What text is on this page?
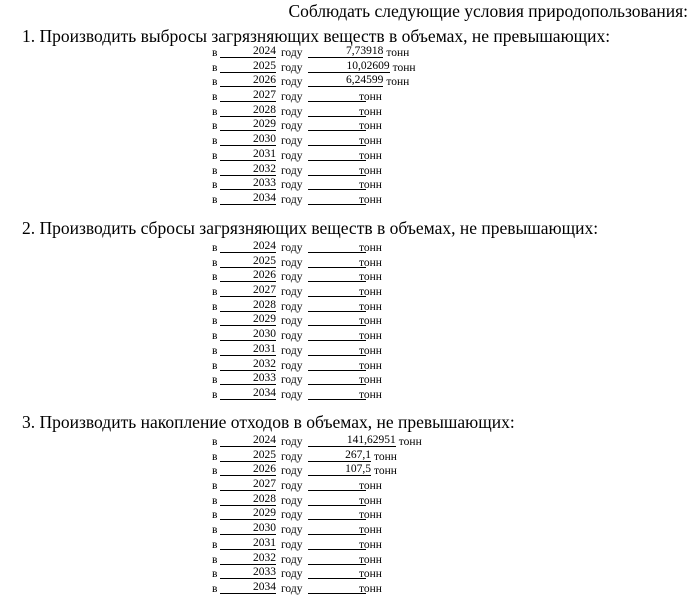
Соблюдать следующие условия природопользования:
1. Производить выбросы загрязняющих веществ в объемах, не превышающих:
в	2024 году	7,73918 тонн
в	2025 году	10,02609 тонн
в	2026 году	6,24599 тонн
в	2027 году	тонн
в	2028 году	тонн
в	2029 году	тонн
в	2030 году	тонн
в	2031 году	тонн
в	2032 году	тонн
в	2033 году	тонн
в	2034 году	тонн
2. Производить сбросы загрязняющих веществ в объемах, не превышающих:
в	2024 году	тонн
в	2025 году	тонн
в	2026 году	тонн
в	2027 году	тонн
в	2028 году	тонн
в	2029 году	тонн
в	2030 году	тонн
в	2031 году	тонн
в	2032 году	тонн
в	2033 году	тонн
в	2034 году	тонн
3. Производить накопление отходов в объемах, не превышающих:
в	2024 году	141,62951 тонн
в	2025 году	267,1 тонн
в	2026 году	107,5 тонн
в	2027 году	тонн
в	2028 году	тонн
в	2029 году	тонн
в	2030 году	тонн
в	2031 году	тонн
в	2032 году	тонн
в	2033 году	тонн
в	2034 году	тонн
